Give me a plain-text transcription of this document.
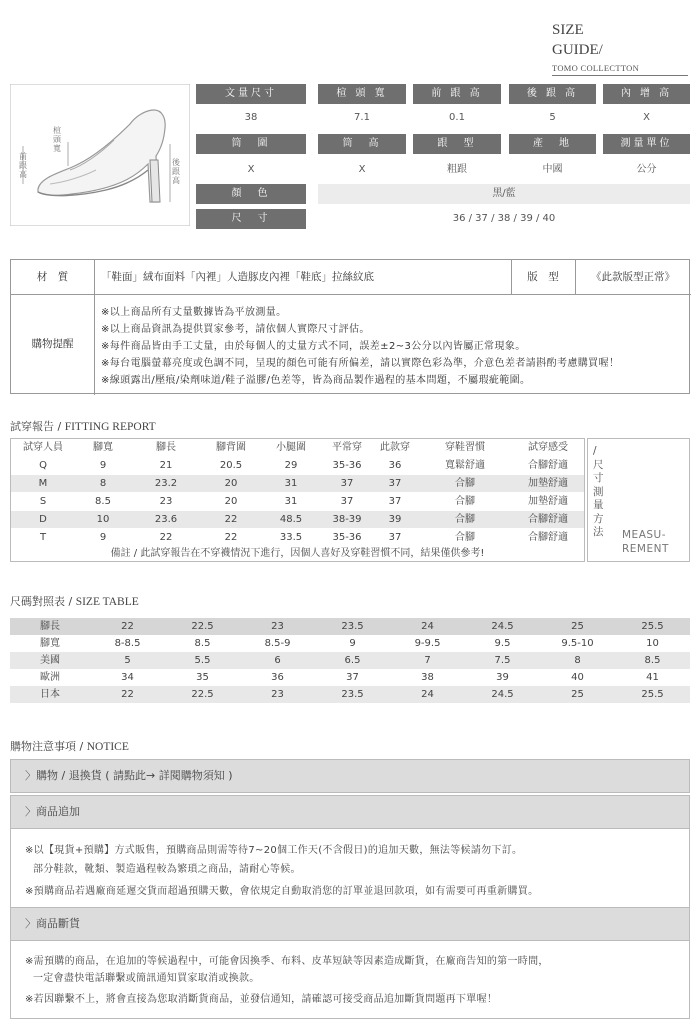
SIZE
GUIDE/
TOMO COLLECTTON
楦頭寬
前跟高
後跟高
文量尺寸	楦 頭 寬	前 跟 高	後 跟 高	內 增 高
38	7.1	0.1	5	X
筒　圍	筒　高	跟　型	產　地	測量單位
X	X	粗跟	中國	公分
顏　色	黑/藍
尺　寸	36 / 37 / 38 / 39 / 40
材　質	「鞋面」絨布面料「內裡」人造豚皮內裡「鞋底」拉絲紋底	版　型	《此款版型正常》
購物提醒
※以上商品所有丈量數據皆為平放測量。
※以上商品資訊為提供買家參考，請依個人實際尺寸評估。
※每件商品皆由手工丈量，由於每個人的丈量方式不同，誤差±2~3公分以內皆屬正常現象。
※每台電腦螢幕亮度或色調不同，呈現的顏色可能有所偏差，請以實際色彩為準，介意色差者請斟酌考慮購買喔！
※線頭露出/壓痕/染劑味道/鞋子溢膠/色差等，皆為商品製作過程的基本問題，不屬瑕疵範圍。
試穿報告 / FITTING REPORT
試穿人員	腳寬	腳長	腳背圍	小腿圍	平常穿	此款穿	穿鞋習慣	試穿感受
Q	9	21	20.5	29	35-36	36	寬鬆舒適	合腳舒適
M	8	23.2	20	31	37	37	合腳	加墊舒適
S	8.5	23	20	31	37	37	合腳	加墊舒適
D	10	23.6	22	48.5	38-39	39	合腳	合腳舒適
T	9	22	22	33.5	35-36	37	合腳	合腳舒適
備註 / 此試穿報告在不穿襪情況下進行，因個人喜好及穿鞋習慣不同，結果僅供參考!
/尺寸測量方法 MEASU-
REMENT
尺碼對照表 / SIZE TABLE
腳長	22	22.5	23	23.5	24	24.5	25	25.5
腳寬	8-8.5	8.5	8.5-9	9	9-9.5	9.5	9.5-10	10
美國	5	5.5	6	6.5	7	7.5	8	8.5
歐洲	34	35	36	37	38	39	40	41
日本	22	22.5	23	23.5	24	24.5	25	25.5
購物注意事項 / NOTICE
〉購物 / 退換貨 ( 請點此→ 詳閱購物須知 )
〉商品追加

※以【現貨+預購】方式販售，預購商品則需等待7~20個工作天(不含假日)的追加天數，無法等候請勿下訂。

部分鞋款，靴類、製造過程較為繁瑣之商品，請耐心等候。

※預購商品若遇廠商延遲交貨而超過預購天數，會依規定自動取消您的訂單並退回款項，如有需要可再重新購買。

〉商品斷貨

※需預購的商品，在追加的等候過程中，可能會因換季、布料、皮革短缺等因素造成斷貨，在廠商告知的第一時間，

一定會盡快電話聯繫或簡訊通知買家取消或換款。

※若因聯繫不上，將會直接為您取消斷貨商品，並發信通知，請確認可接受商品追加斷貨問題再下單喔！
